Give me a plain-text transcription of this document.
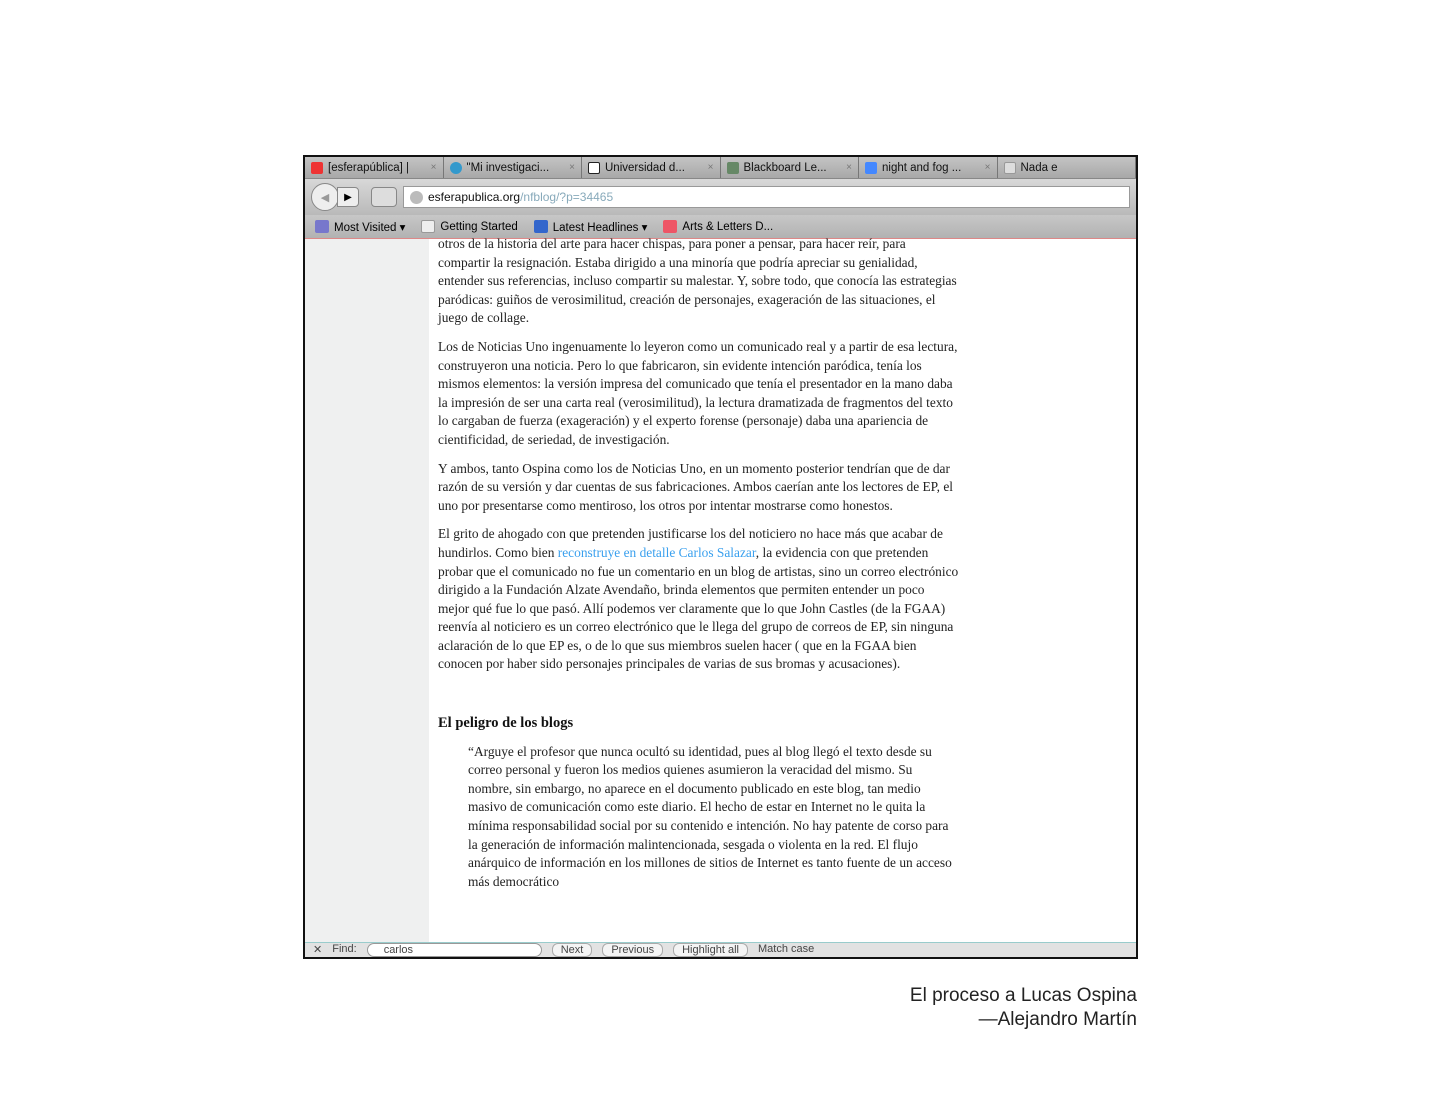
[esferapública] |	×	"Mi investigaci...	×	Universidad d...	×	Blackboard Le...	×	night and fog ...	×	Nada e
◀	▶	esferapublica.org /nfblog/?p=34465
Most Visited ▾	Getting Started	Latest Headlines ▾	Arts & Letters D...

otros de la historia del arte para hacer chispas, para poner a pensar, para hacer reír, para compartir la resignación. Estaba dirigido a una minoría que podría apreciar su genialidad, entender sus referencias, incluso compartir su malestar. Y, sobre todo, que conocía las estrategias paródicas: guiños de verosimilitud, creación de personajes, exageración de las situaciones, el juego de collage.

Los de Noticias Uno ingenuamente lo leyeron como un comunicado real y a partir de esa lectura, construyeron una noticia. Pero lo que fabricaron, sin evidente intención paródica, tenía los mismos elementos: la versión impresa del comunicado que tenía el presentador en la mano daba la impresión de ser una carta real (verosimilitud), la lectura dramatizada de fragmentos del texto lo cargaban de fuerza (exageración) y el experto forense (personaje) daba una apariencia de cientificidad, de seriedad, de investigación.

Y ambos, tanto Ospina como los de Noticias Uno, en un momento posterior tendrían que de dar razón de su versión y dar cuentas de sus fabricaciones. Ambos caerían ante los lectores de EP, el uno por presentarse como mentiroso, los otros por intentar mostrarse como honestos.

El grito de ahogado con que pretenden justificarse los del noticiero no hace más que acabar de hundirlos. Como bien reconstruye en detalle Carlos Salazar, la evidencia con que pretenden probar que el comunicado no fue un comentario en un blog de artistas, sino un correo electrónico dirigido a la Fundación Alzate Avendaño, brinda elementos que permiten entender un poco mejor qué fue lo que pasó. Allí podemos ver claramente que lo que John Castles (de la FGAA) reenvía al noticiero es un correo electrónico que le llega del grupo de correos de EP, sin ninguna aclaración de lo que EP es, o de lo que sus miembros suelen hacer ( que en la FGAA bien conocen por haber sido personajes principales de varias de sus bromas y acusaciones).

El peligro de los blogs
“Arguye el profesor que nunca ocultó su identidad, pues al blog llegó el texto desde su correo personal y fueron los medios quienes asumieron la veracidad del mismo. Su nombre, sin embargo, no aparece en el documento publicado en este blog, tan medio masivo de comunicación como este diario. El hecho de estar en Internet no le quita la mínima responsabilidad social por su contenido e intención. No hay patente de corso para la generación de información malintencionada, sesgada o violenta en la red. El flujo anárquico de información en los millones de sitios de Internet es tanto fuente de un acceso más democrático
✕ Find:	carlos	Next	Previous	Highlight all	Match case
El proceso a Lucas Ospina
—Alejandro Martín
